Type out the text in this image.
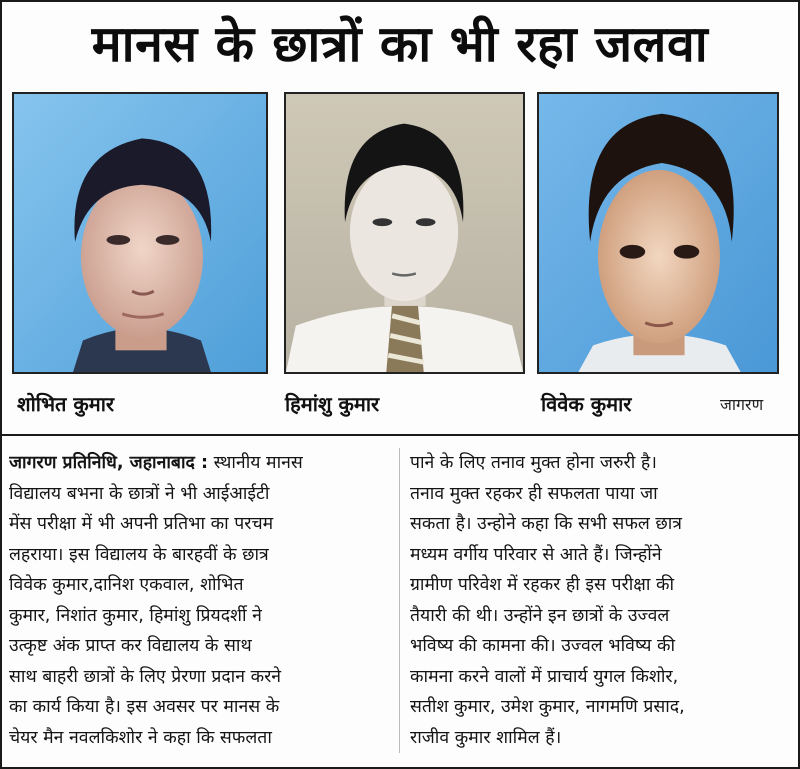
मानस के छात्रों का भी रहा जलवा
शोभित कुमार	हिमांशु कुमार	विवेक कुमार	जागरण
जागरण प्रतिनिधि, जहानाबाद : स्थानीय मानस
विद्यालय बभना के छात्रों ने भी आईआईटी
मेंस परीक्षा में भी अपनी प्रतिभा का परचम
लहराया। इस विद्यालय के बारहवीं के छात्र
विवेक कुमार,दानिश एकवाल, शोभित
कुमार, निशांत कुमार, हिमांशु प्रियदर्शी ने
उत्कृष्ट अंक प्राप्त कर विद्यालय के साथ
साथ बाहरी छात्रों के लिए प्रेरणा प्रदान करने
का कार्य किया है। इस अवसर पर मानस के
चेयर मैन नवलकिशोर ने कहा कि सफलता
पाने के लिए तनाव मुक्त होना जरुरी है।
तनाव मुक्त रहकर ही सफलता पाया जा
सकता है। उन्होने कहा कि सभी सफल छात्र
मध्यम वर्गीय परिवार से आते हैं। जिन्होंने
ग्रामीण परिवेश में रहकर ही इस परीक्षा की
तैयारी की थी। उन्होंने इन छात्रों के उज्वल
भविष्य की कामना की। उज्वल भविष्य की
कामना करने वालों में प्राचार्य युगल किशोर,
सतीश कुमार, उमेश कुमार, नागमणि प्रसाद,
राजीव कुमार शामिल हैं।
